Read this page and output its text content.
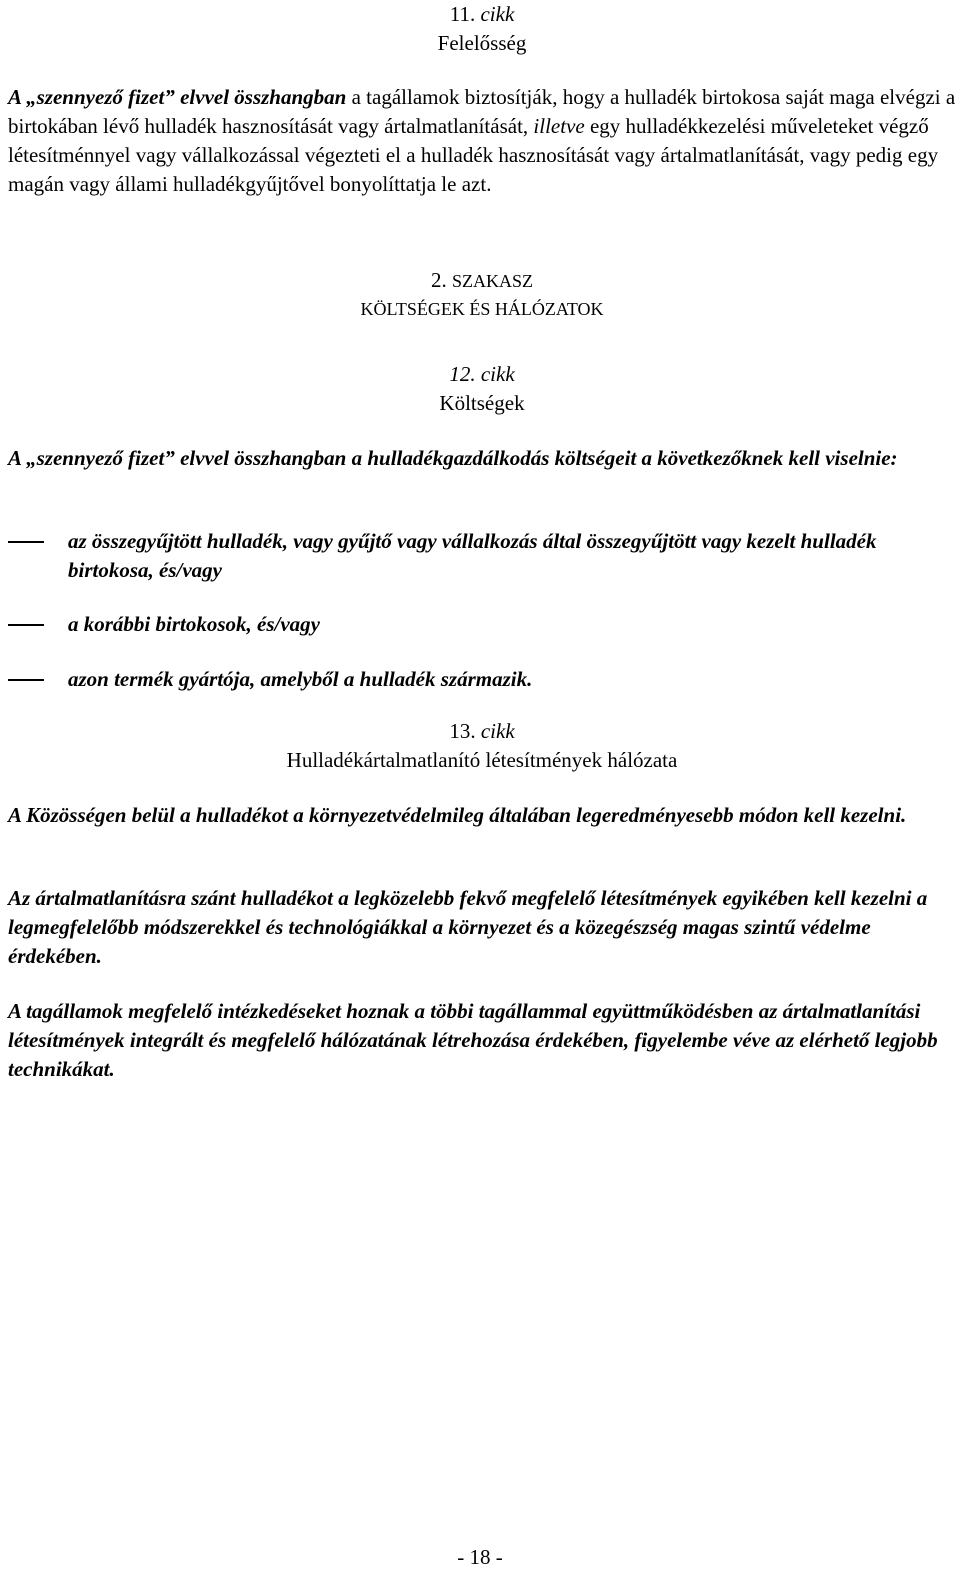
11. cikk
Felelősség
A „szennyező fizet” elvvel összhangban a tagállamok biztosítják, hogy a hulladék birtokosa saját maga elvégzi a birtokában lévő hulladék hasznosítását vagy ártalmatlanítását, illetve egy hulladékkezelési műveleteket végző létesítménnyel vagy vállalkozással végezteti el a hulladék hasznosítását vagy ártalmatlanítását, vagy pedig egy magán vagy állami hulladékgyűjtővel bonyolíttatja le azt.
2. SZAKASZ
KÖLTSÉGEK ÉS HÁLÓZATOK
12. cikk
Költségek
A „szennyező fizet” elvvel összhangban a hulladékgazdálkodás költségeit a következőknek kell viselnie:
az összegyűjtött hulladék, vagy gyűjtő vagy vállalkozás által összegyűjtött vagy kezelt hulladék birtokosa, és/vagy
a korábbi birtokosok, és/vagy
azon termék gyártója, amelyből a hulladék származik.
13. cikk
Hulladékártalmatlanító létesítmények hálózata
A Közösségen belül a hulladékot a környezetvédelmileg általában legeredményesebb módon kell kezelni.
Az ártalmatlanításra szánt hulladékot a legközelebb fekvő megfelelő létesítmények egyikében kell kezelni a legmegfelelőbb módszerekkel és technológiákkal a környezet és a közegészség magas szintű védelme érdekében.
A tagállamok megfelelő intézkedéseket hoznak a többi tagállammal együttműködésben az ártalmatlanítási létesítmények integrált és megfelelő hálózatának létrehozása érdekében, figyelembe véve az elérhető legjobb technikákat.
- 18 -
